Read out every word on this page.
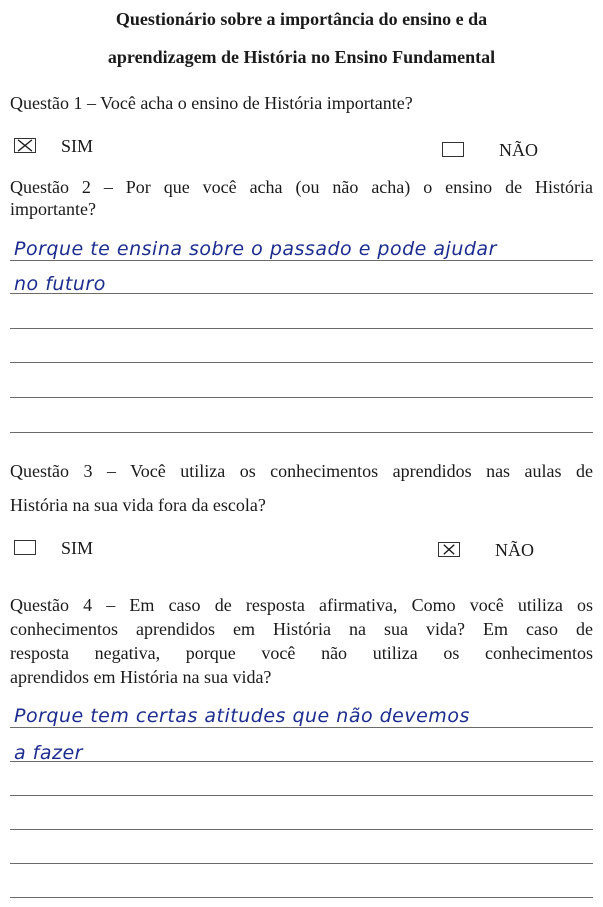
Questionário sobre a importância do ensino e da
aprendizagem de História no Ensino Fundamental
Questão 1 – Você acha o ensino de História importante?
SIM	NÃO
Questão 2 – Por que você acha (ou não acha) o ensino de História
importante?
Porque te ensina sobre o passado e pode ajudar
no futuro
Questão 3 – Você utiliza os conhecimentos aprendidos nas aulas de
História na sua vida fora da escola?
SIM	NÃO
Questão 4 – Em caso de resposta afirmativa, Como você utiliza os
conhecimentos aprendidos em História na sua vida? Em caso de
resposta negativa, porque você não utiliza os conhecimentos
aprendidos em História na sua vida?
Porque tem certas atitudes que não devemos
a fazer
